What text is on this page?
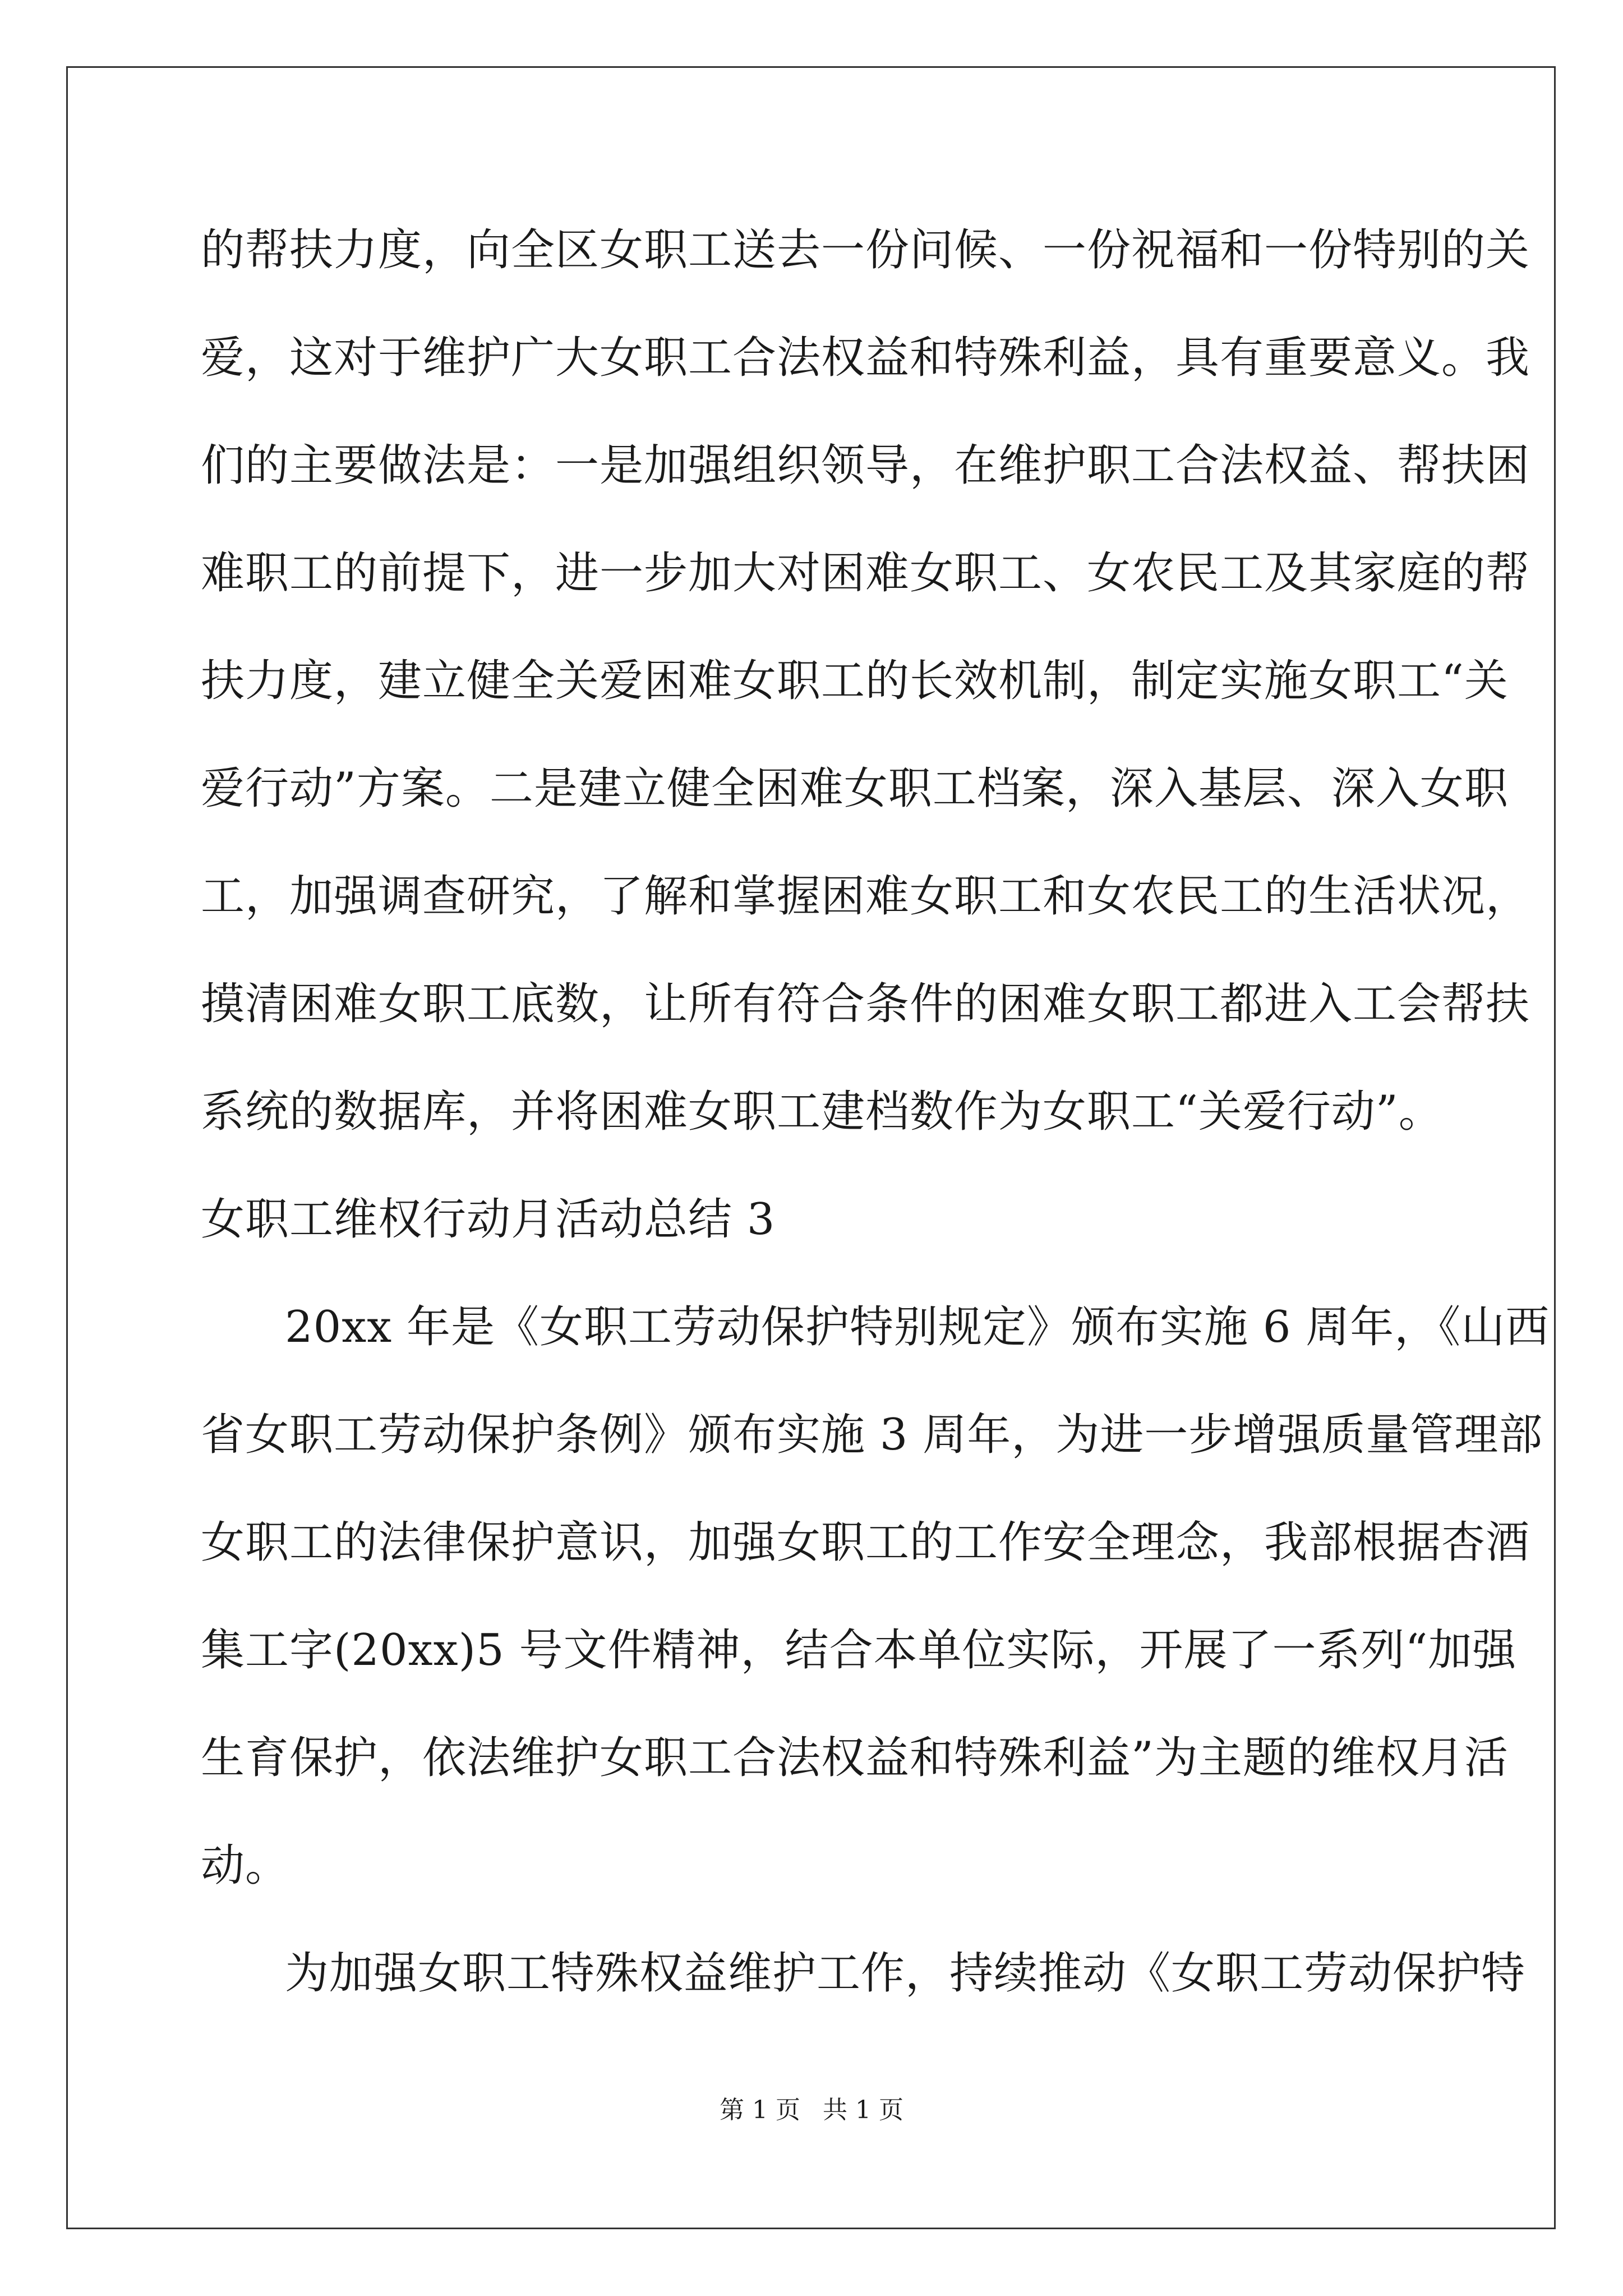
的帮扶力度，向全区女职工送去一份问候、一份祝福和一份特别的关
爱，这对于维护广大女职工合法权益和特殊利益，具有重要意义。我
们的主要做法是：一是加强组织领导，在维护职工合法权益、帮扶困
难职工的前提下，进一步加大对困难女职工、女农民工及其家庭的帮
扶力度，建立健全关爱困难女职工的长效机制，制定实施女职工“关
爱行动”方案。二是建立健全困难女职工档案，深入基层、深入女职
工，加强调查研究，了解和掌握困难女职工和女农民工的生活状况，
摸清困难女职工底数，让所有符合条件的困难女职工都进入工会帮扶
系统的数据库，并将困难女职工建档数作为女职工“关爱行动”。
女职工维权行动月活动总结 3
20xx 年是《女职工劳动保护特别规定》颁布实施 6 周年，《山西
省女职工劳动保护条例》颁布实施 3 周年，为进一步增强质量管理部
女职工的法律保护意识，加强女职工的工作安全理念，我部根据杏酒
集工字(20xx)5 号文件精神，结合本单位实际，开展了一系列“加强
生育保护，依法维护女职工合法权益和特殊利益”为主题的维权月活
动。
为加强女职工特殊权益维护工作，持续推动《女职工劳动保护特
第 1 页 共 1 页
